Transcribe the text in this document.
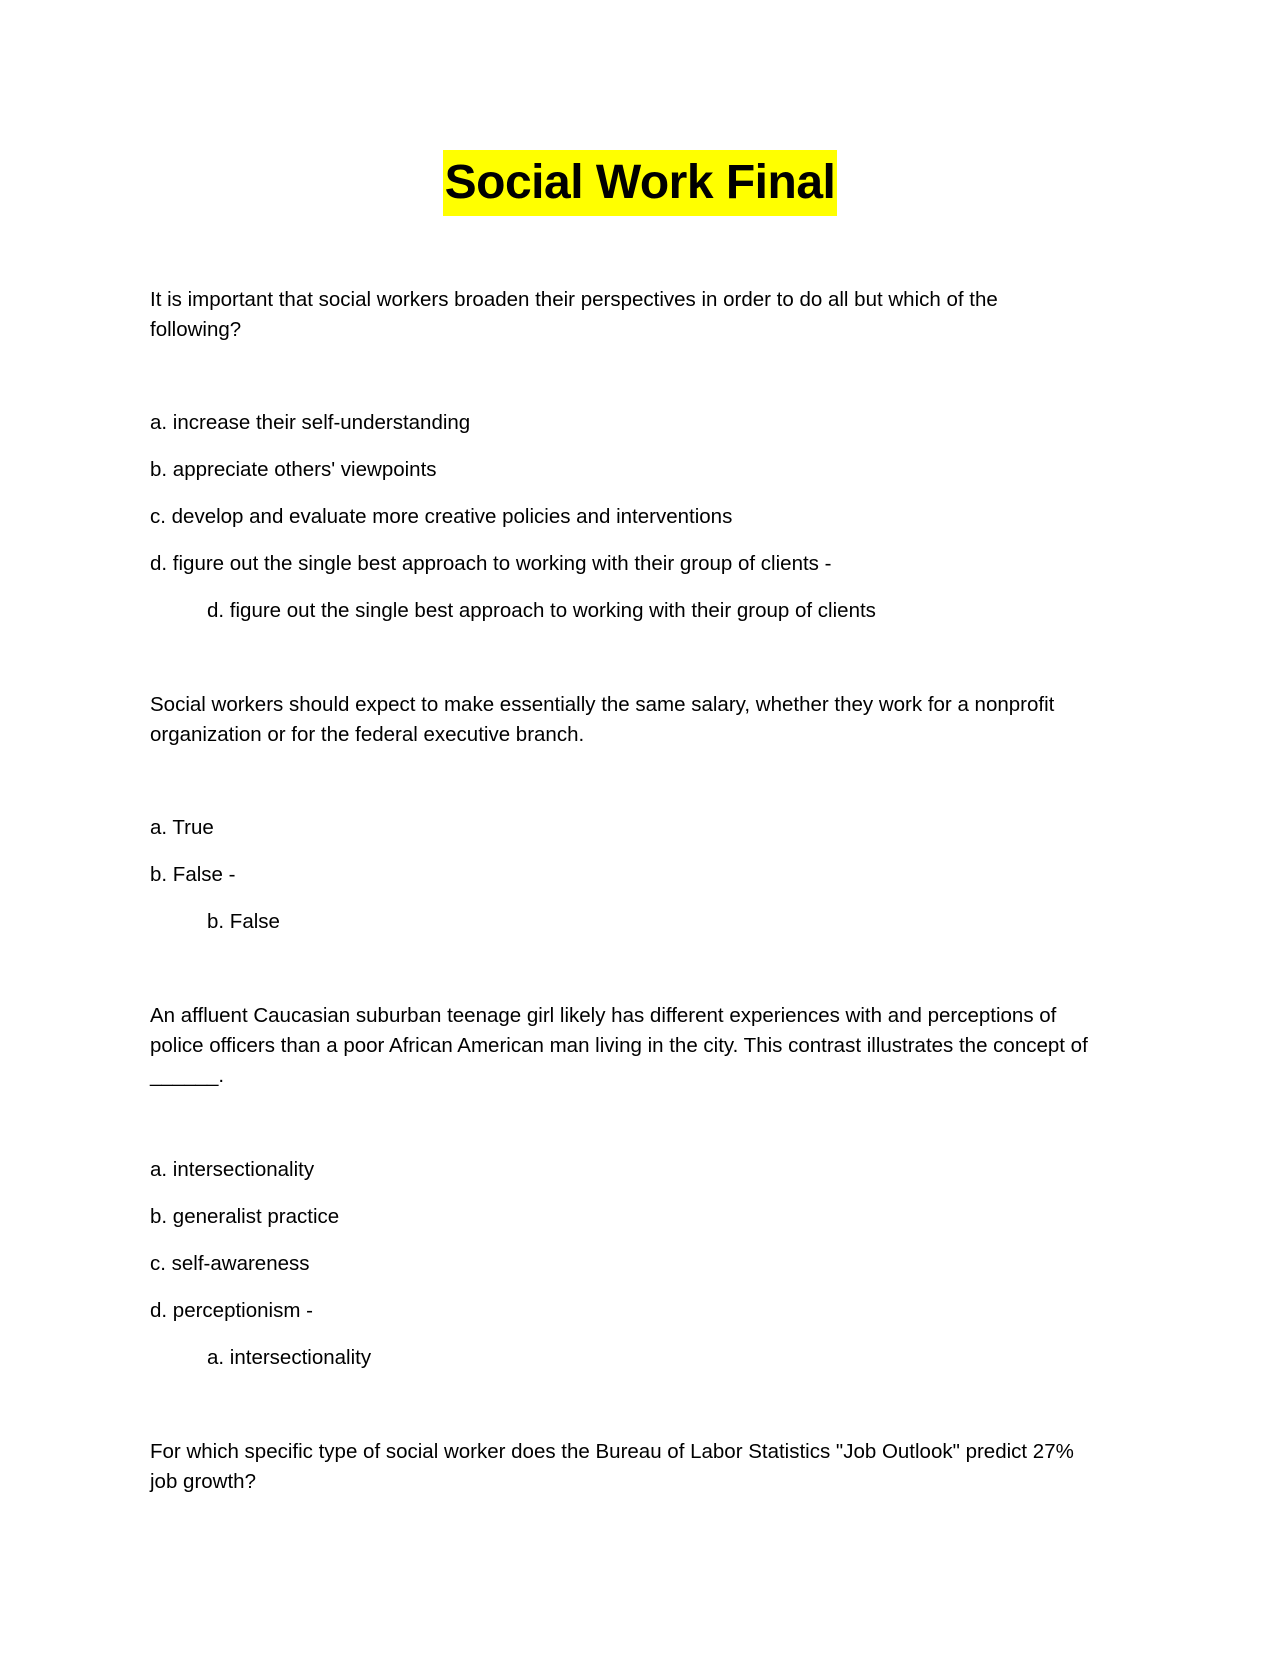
Social Work Final
It is important that social workers broaden their perspectives in order to do all but which of the
following?
a. increase their self-understanding
b. appreciate others' viewpoints
c. develop and evaluate more creative policies and interventions
d. figure out the single best approach to working with their group of clients -
d. figure out the single best approach to working with their group of clients
Social workers should expect to make essentially the same salary, whether they work for a nonprofit
organization or for the federal executive branch.
a. True
b. False -
b. False
An affluent Caucasian suburban teenage girl likely has different experiences with and perceptions of
police officers than a poor African American man living in the city. This contrast illustrates the concept of
______.
a. intersectionality
b. generalist practice
c. self-awareness
d. perceptionism -
a. intersectionality
For which specific type of social worker does the Bureau of Labor Statistics "Job Outlook" predict 27%
job growth?
